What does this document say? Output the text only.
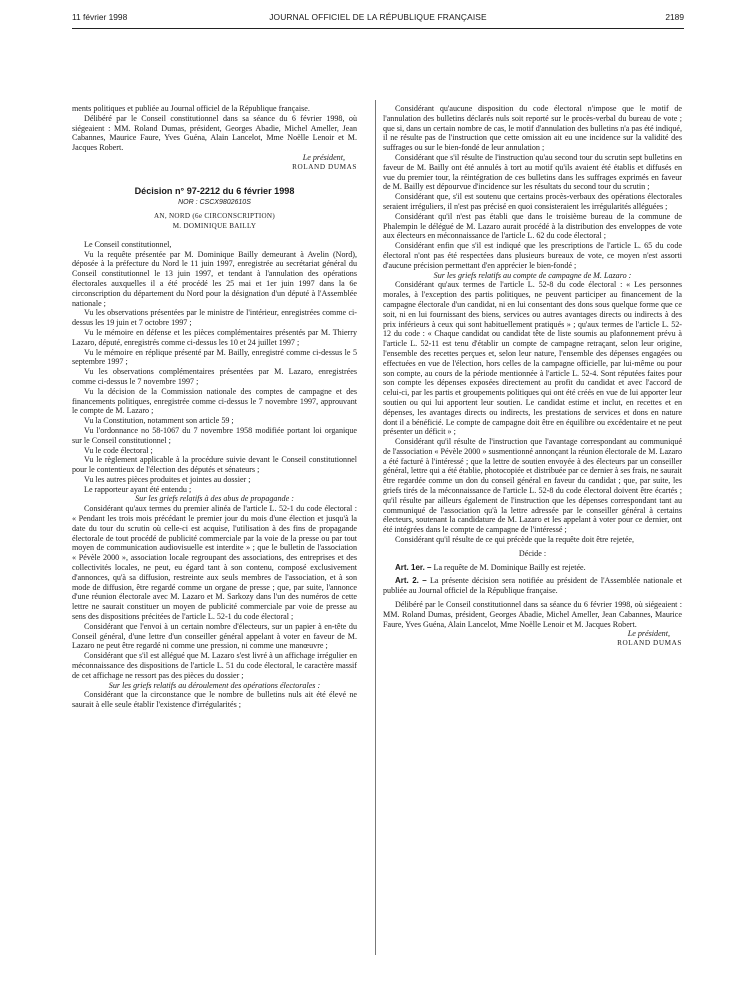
11 février 1998	JOURNAL OFFICIEL DE LA RÉPUBLIQUE FRANÇAISE	2189

ments politiques et publiée au Journal officiel de la République française.

Délibéré par le Conseil constitutionnel dans sa séance du 6 février 1998, où siégeaient : MM. Roland Dumas, président, Georges Abadie, Michel Ameller, Jean Cabannes, Maurice Faure, Yves Guéna, Alain Lancelot, Mme Noëlle Lenoir et M. Jacques Robert.

Le président,
ROLAND DUMAS
Décision n° 97-2212 du 6 février 1998
NOR : CSCX9802610S
AN, NORD (6e CIRCONSCRIPTION)
M. DOMINIQUE BAILLY

Le Conseil constitutionnel,

Vu la requête présentée par M. Dominique Bailly demeurant à Avelin (Nord), déposée à la préfecture du Nord le 11 juin 1997, enregistrée au secrétariat général du Conseil constitutionnel le 13 juin 1997, et tendant à l'annulation des opérations électorales auxquelles il a été procédé les 25 mai et 1er juin 1997 dans la 6e circonscription du département du Nord pour la désignation d'un député à l'Assemblée nationale ;

Vu les observations présentées par le ministre de l'intérieur, enregistrées comme ci-dessus les 19 juin et 7 octobre 1997 ;

Vu le mémoire en défense et les pièces complémentaires présentés par M. Thierry Lazaro, député, enregistrés comme ci-dessus les 10 et 24 juillet 1997 ;

Vu le mémoire en réplique présenté par M. Bailly, enregistré comme ci-dessus le 5 septembre 1997 ;

Vu les observations complémentaires présentées par M. Lazaro, enregistrées comme ci-dessus le 7 novembre 1997 ;

Vu la décision de la Commission nationale des comptes de campagne et des financements politiques, enregistrée comme ci-dessus le 7 novembre 1997, approuvant le compte de M. Lazaro ;

Vu la Constitution, notamment son article 59 ;

Vu l'ordonnance no 58-1067 du 7 novembre 1958 modifiée portant loi organique sur le Conseil constitutionnel ;

Vu le code électoral ;

Vu le règlement applicable à la procédure suivie devant le Conseil constitutionnel pour le contentieux de l'élection des députés et sénateurs ;

Vu les autres pièces produites et jointes au dossier ;

Le rapporteur ayant été entendu ;

Sur les griefs relatifs à des abus de propagande :

Considérant qu'aux termes du premier alinéa de l'article L. 52-1 du code électoral : « Pendant les trois mois précédant le premier jour du mois d'une élection et jusqu'à la date du tour du scrutin où celle-ci est acquise, l'utilisation à des fins de propagande électorale de tout procédé de publicité commerciale par la voie de la presse ou par tout moyen de communication audiovisuelle est interdite » ; que le bulletin de l'association « Pévèle 2000 », association locale regroupant des associations, des entreprises et des collectivités locales, ne peut, eu égard tant à son contenu, composé exclusivement d'annonces, qu'à sa diffusion, restreinte aux seuls membres de l'association, et à son mode de diffusion, être regardé comme un organe de presse ; que, par suite, l'annonce d'une réunion électorale avec M. Lazaro et M. Sarkozy dans l'un des numéros de cette lettre ne saurait constituer un moyen de publicité commerciale par voie de presse au sens des dispositions précitées de l'article L. 52-1 du code électoral ;

Considérant que l'envoi à un certain nombre d'électeurs, sur un papier à en-tête du Conseil général, d'une lettre d'un conseiller général appelant à voter en faveur de M. Lazaro ne peut être regardé ni comme une pression, ni comme une manœuvre ;

Considérant que s'il est allégué que M. Lazaro s'est livré à un affichage irrégulier en méconnaissance des dispositions de l'article L. 51 du code électoral, le caractère massif de cet affichage ne ressort pas des pièces du dossier ;

Sur les griefs relatifs au déroulement des opérations électorales :

Considérant que la circonstance que le nombre de bulletins nuls ait été élevé ne saurait à elle seule établir l'existence d'irrégularités ;

Considérant qu'aucune disposition du code électoral n'impose que le motif de l'annulation des bulletins déclarés nuls soit reporté sur le procès-verbal du bureau de vote ; que si, dans un certain nombre de cas, le motif d'annulation des bulletins n'a pas été indiqué, il ne résulte pas de l'instruction que cette omission ait eu une incidence sur la validité des suffrages ou sur le bien-fondé de leur annulation ;

Considérant que s'il résulte de l'instruction qu'au second tour du scrutin sept bulletins en faveur de M. Bailly ont été annulés à tort au motif qu'ils avaient été établis et diffusés en vue du premier tour, la réintégration de ces bulletins dans les suffrages exprimés en faveur de M. Bailly est dépourvue d'incidence sur les résultats du second tour du scrutin ;

Considérant que, s'il est soutenu que certains procès-verbaux des opérations électorales seraient irréguliers, il n'est pas précisé en quoi consisteraient les irrégularités alléguées ;

Considérant qu'il n'est pas établi que dans le troisième bureau de la commune de Phalempin le délégué de M. Lazaro aurait procédé à la distribution des enveloppes de vote aux électeurs en méconnaissance de l'article L. 62 du code électoral ;

Considérant enfin que s'il est indiqué que les prescriptions de l'article L. 65 du code électoral n'ont pas été respectées dans plusieurs bureaux de vote, ce moyen n'est assorti d'aucune précision permettant d'en apprécier le bien-fondé ;

Sur les griefs relatifs au compte de campagne de M. Lazaro :

Considérant qu'aux termes de l'article L. 52-8 du code électoral : « Les personnes morales, à l'exception des partis politiques, ne peuvent participer au financement de la campagne électorale d'un candidat, ni en lui consentant des dons sous quelque forme que ce soit, ni en lui fournissant des biens, services ou autres avantages directs ou indirects à des prix inférieurs à ceux qui sont habituellement pratiqués » ; qu'aux termes de l'article L. 52-12 du code : « Chaque candidat ou candidat tête de liste soumis au plafonnement prévu à l'article L. 52-11 est tenu d'établir un compte de campagne retraçant, selon leur origine, l'ensemble des recettes perçues et, selon leur nature, l'ensemble des dépenses engagées ou effectuées en vue de l'élection, hors celles de la campagne officielle, par lui-même ou pour son compte, au cours de la période mentionnée à l'article L. 52-4. Sont réputées faites pour son compte les dépenses exposées directement au profit du candidat et avec l'accord de celui-ci, par les partis et groupements politiques qui ont été créés en vue de lui apporter leur soutien ou qui lui apportent leur soutien. Le candidat estime et inclut, en recettes et en dépenses, les avantages directs ou indirects, les prestations de services et dons en nature dont il a bénéficié. Le compte de campagne doit être en équilibre ou excédentaire et ne peut présenter un déficit » ;

Considérant qu'il résulte de l'instruction que l'avantage correspondant au communiqué de l'association « Pévèle 2000 » susmentionné annonçant la réunion électorale de M. Lazaro a été facturé à l'intéressé ; que la lettre de soutien envoyée à des électeurs par un conseiller général, lettre qui a été établie, photocopiée et distribuée par ce dernier à ses frais, ne saurait être regardée comme un don du conseil général en faveur du candidat ; que, par suite, les griefs tirés de la méconnaissance de l'article L. 52-8 du code électoral doivent être écartés ; qu'il résulte par ailleurs également de l'instruction que les dépenses correspondant tant au communiqué de l'association qu'à la lettre adressée par le conseiller général à certains électeurs, soutenant la candidature de M. Lazaro et les appelant à voter pour ce dernier, ont été intégrées dans le compte de campagne de l'intéressé ;

Considérant qu'il résulte de ce qui précède que la requête doit être rejetée,

Décide :

Art. 1er. – La requête de M. Dominique Bailly est rejetée.

Art. 2. – La présente décision sera notifiée au président de l'Assemblée nationale et publiée au Journal officiel de la République française.

Délibéré par le Conseil constitutionnel dans sa séance du 6 février 1998, où siégeaient : MM. Roland Dumas, président, Georges Abadie, Michel Ameller, Jean Cabannes, Maurice Faure, Yves Guéna, Alain Lancelot, Mme Noëlle Lenoir et M. Jacques Robert.

Le président,
ROLAND DUMAS
